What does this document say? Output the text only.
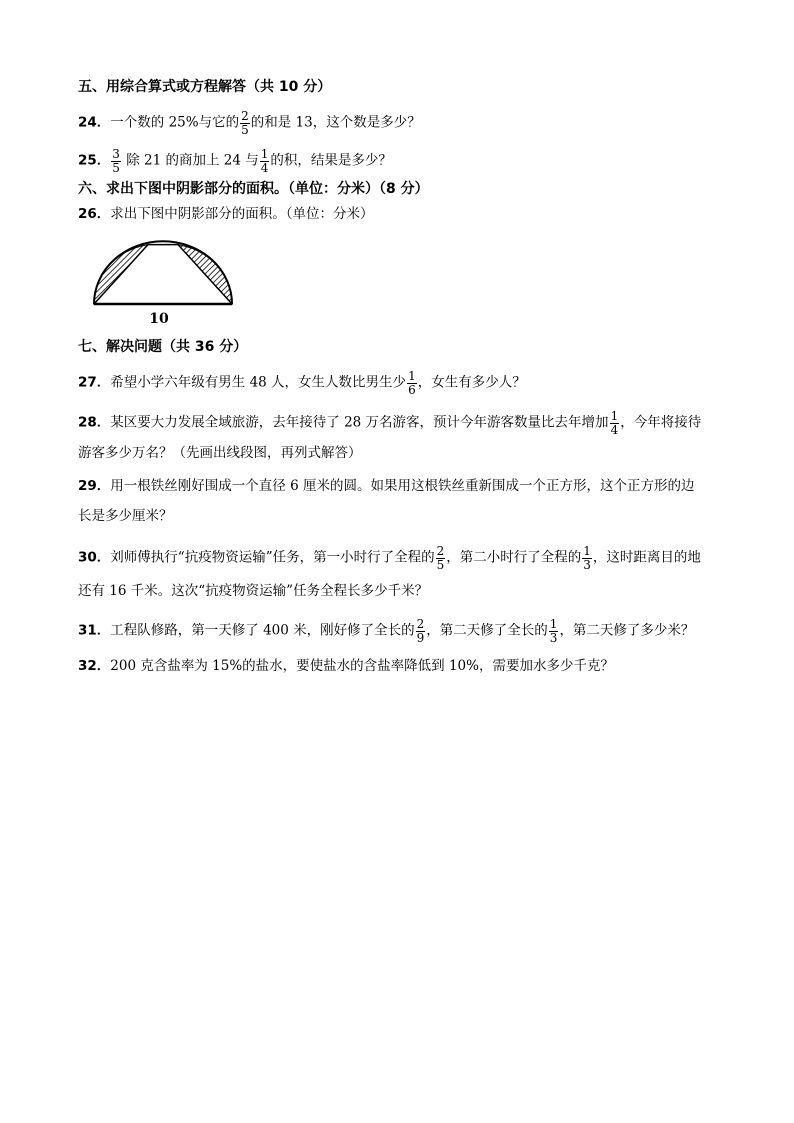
五、用综合算式或方程解答（共 10 分）
24．一个数的 25%与它的 $\frac{2}{5}$ 的和是 13，这个数是多少？
25． $\frac{3}{5}$ 除 21 的商加上 24 与 $\frac{1}{4}$ 的积，结果是多少？
六、求出下图中阴影部分的面积。（单位：分米）（8 分）
26．求出下图中阴影部分的面积。（单位：分米）
10
七、解决问题（共 36 分）
27．希望小学六年级有男生 48 人，女生人数比男生少 $\frac{1}{6}$ ，女生有多少人？
28．某区要大力发展全域旅游，去年接待了 28 万名游客，预计今年游客数量比去年增加 $\frac{1}{4}$ ，今年将接待
游客多少万名？（先画出线段图，再列式解答）
29．用一根铁丝刚好围成一个直径 6 厘米的圆。如果用这根铁丝重新围成一个正方形，这个正方形的边
长是多少厘米？
30．刘师傅执行“抗疫物资运输”任务，第一小时行了全程的 $\frac{2}{5}$ ，第二小时行了全程的 $\frac{1}{3}$ ，这时距离目的地
还有 16 千米。这次“抗疫物资运输”任务全程长多少千米？
31．工程队修路，第一天修了 400 米，刚好修了全长的 $\frac{2}{9}$ ，第二天修了全长的 $\frac{1}{3}$ ，第二天修了多少米？
32．200 克含盐率为 15%的盐水，要使盐水的含盐率降低到 10%，需要加水多少千克？
